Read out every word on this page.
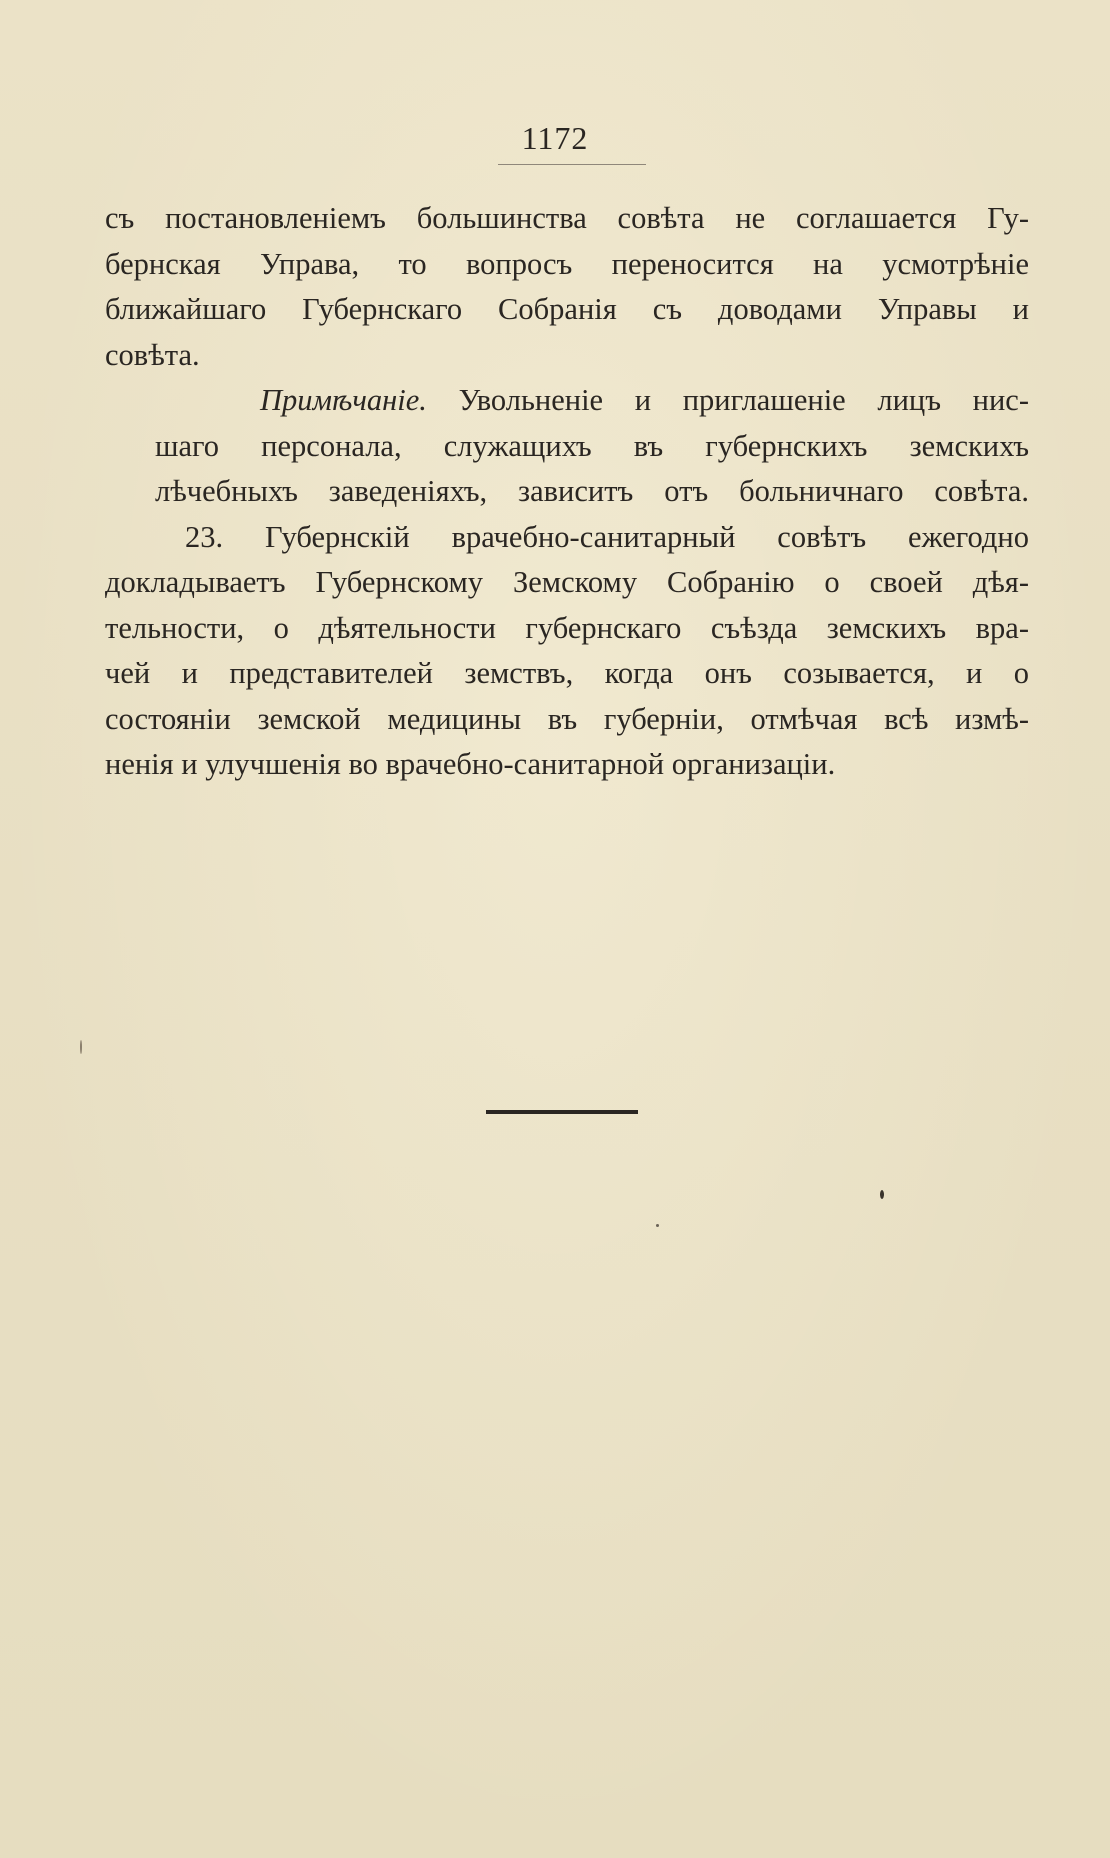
1172
съ постановленіемъ большинства совѣта не соглашается Гу-
бернская Управа, то вопросъ переносится на усмотрѣніе
ближайшаго Губернскаго Собранія съ доводами Управы и
совѣта.
Примѣчаніе. Увольненіе и приглашеніе лицъ нис-
шаго персонала, служащихъ въ губернскихъ земскихъ
лѣчебныхъ заведеніяхъ, зависитъ отъ больничнаго совѣта.
23. Губернскій врачебно-санитарный совѣтъ ежегодно
докладываетъ Губернскому Земскому Собранію о своей дѣя-
тельности, о дѣятельности губернскаго съѣзда земскихъ вра-
чей и представителей земствъ, когда онъ созывается, и о
состояніи земской медицины въ губерніи, отмѣчая всѣ измѣ-
ненія и улучшенія во врачебно-санитарной организаціи.
